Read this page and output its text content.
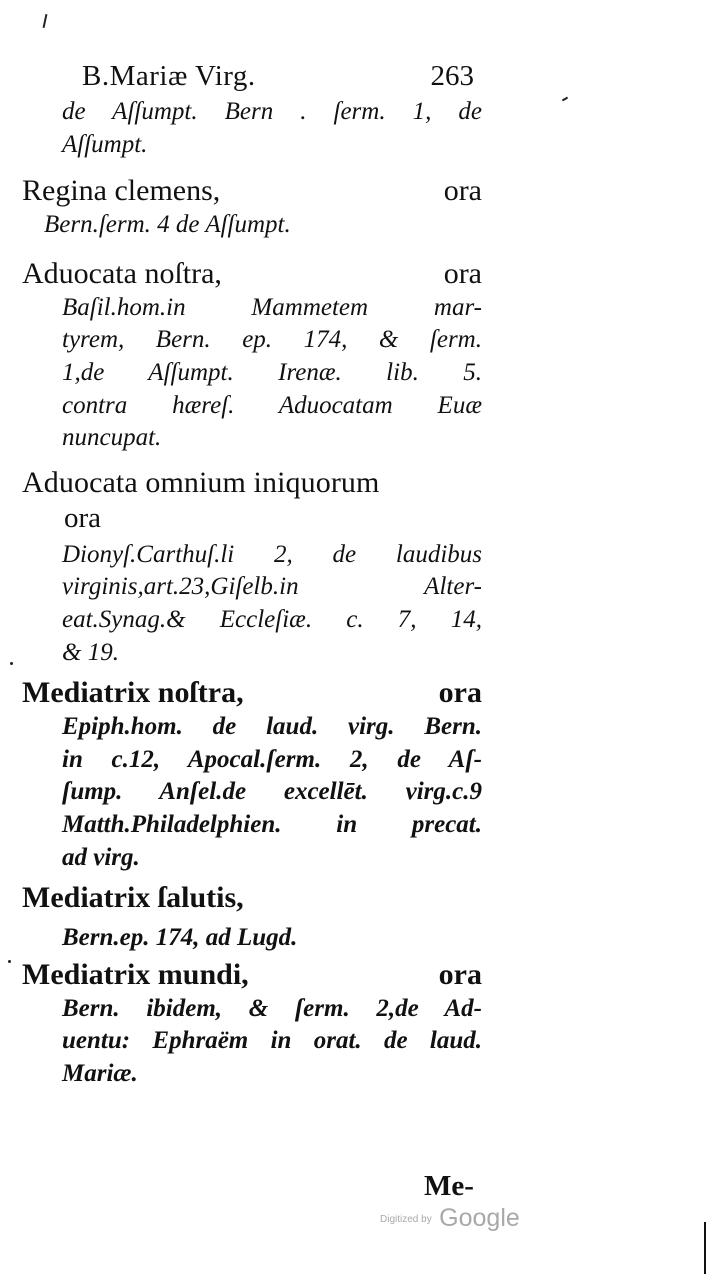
B.Mariæ Virg.	263
de Aſſumpt. Bern . ſerm. 1, de
Aſſumpt.
Regina clemens,	ora
Bern.ſerm. 4 de Aſſumpt.
Aduocata noſtra,	ora
Baſil.hom.in Mammetem mar-
tyrem, Bern. ep. 174, & ſerm.
1,de Aſſumpt. Irenæ. lib. 5.
contra hæreſ. Aduocatam Euæ
nuncupat.
Aduocata omnium iniquorum
ora
Dionyſ.Carthuſ.li 2, de laudibus
virginis,art.23,Giſelb.in Alter-
eat.Synag.& Eccleſiæ. c. 7, 14,
& 19.
Mediatrix noſtra,	ora
Epiph.hom. de laud. virg. Bern.
in c.12, Apocal.ſerm. 2, de Aſ-
ſump. Anſel.de excellēt. virg.c.9
Matth.Philadelphien. in precat.
ad virg.
Mediatrix ſalutis,
Bern.ep. 174, ad Lugd.
Mediatrix mundi,	ora
Bern. ibidem, & ſerm. 2,de Ad-
uentu: Ephraëm in orat. de laud.
Mariæ.
Me-
$^{Digitized by}$ Google
